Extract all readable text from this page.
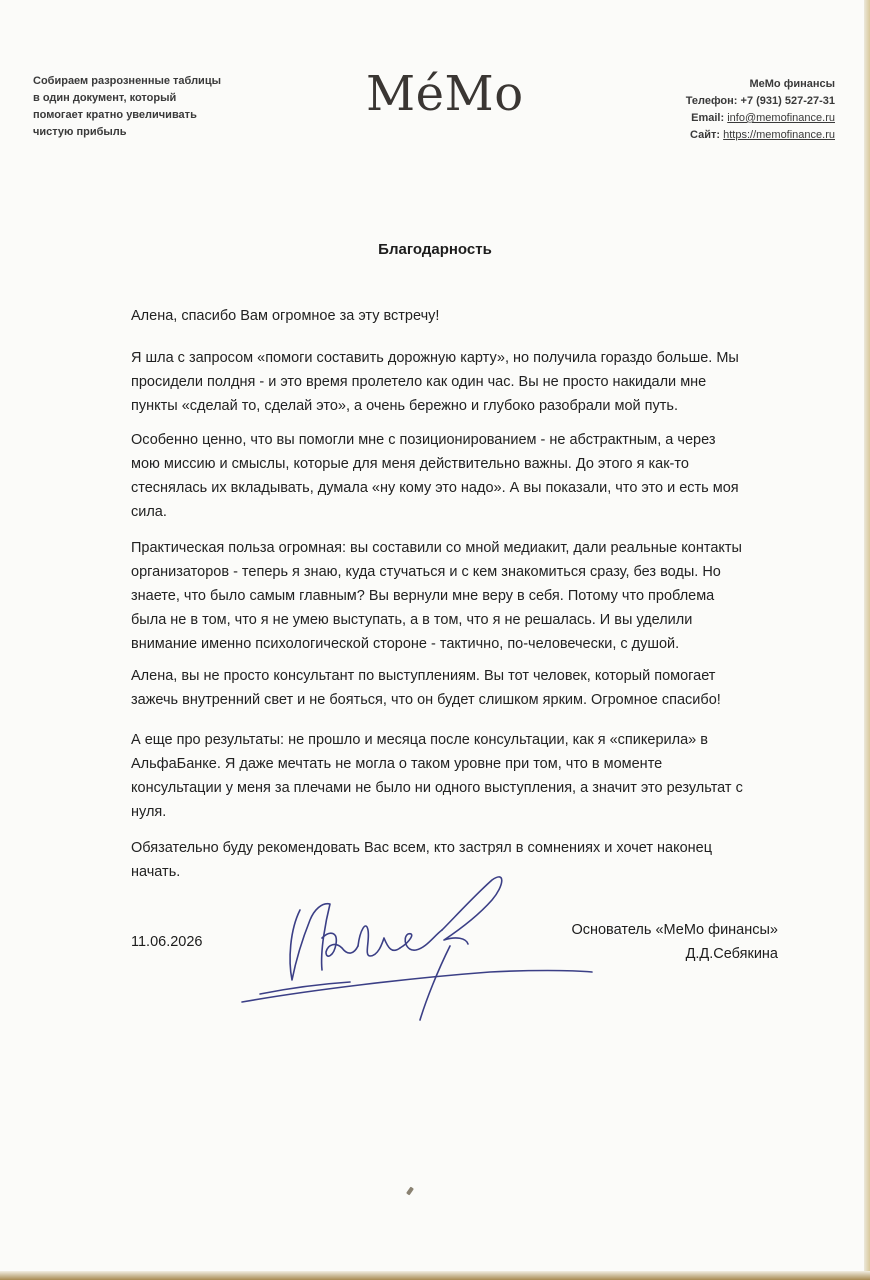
Собираем разрозненные таблицы
в один документ, который
помогает кратно увеличивать
чистую прибыль
МéМо	МеМо финансы
Телефон: +7 (931) 527-27-31
Email: info@memofinance.ru
Сайт: https://memofinance.ru
Благодарность
Алена, спасибо Вам огромное за эту встречу!
Я шла с запросом «помоги составить дорожную карту», но получила гораздо больше. Мы
просидели полдня - и это время пролетело как один час. Вы не просто накидали мне
пункты «сделай то, сделай это», а очень бережно и глубоко разобрали мой путь.
Особенно ценно, что вы помогли мне с позиционированием - не абстрактным, а через
мою миссию и смыслы, которые для меня действительно важны. До этого я как-то
стеснялась их вкладывать, думала «ну кому это надо». А вы показали, что это и есть моя
сила.
Практическая польза огромная: вы составили со мной медиакит, дали реальные контакты
организаторов - теперь я знаю, куда стучаться и с кем знакомиться сразу, без воды. Но
знаете, что было самым главным? Вы вернули мне веру в себя. Потому что проблема
была не в том, что я не умею выступать, а в том, что я не решалась. И вы уделили
внимание именно психологической стороне - тактично, по-человечески, с душой.
Алена, вы не просто консультант по выступлениям. Вы тот человек, который помогает
зажечь внутренний свет и не бояться, что он будет слишком ярким. Огромное спасибо!
А еще про результаты: не прошло и месяца после консультации, как я «спикерила» в
АльфаБанке. Я даже мечтать не могла о таком уровне при том, что в моменте
консультации у меня за плечами не было ни одного выступления, а значит это результат с
нуля.
Обязательно буду рекомендовать Вас всем, кто застрял в сомнениях и хочет наконец
начать.
11.06.2026
Основатель «МеМо финансы»
Д.Д.Себякина
